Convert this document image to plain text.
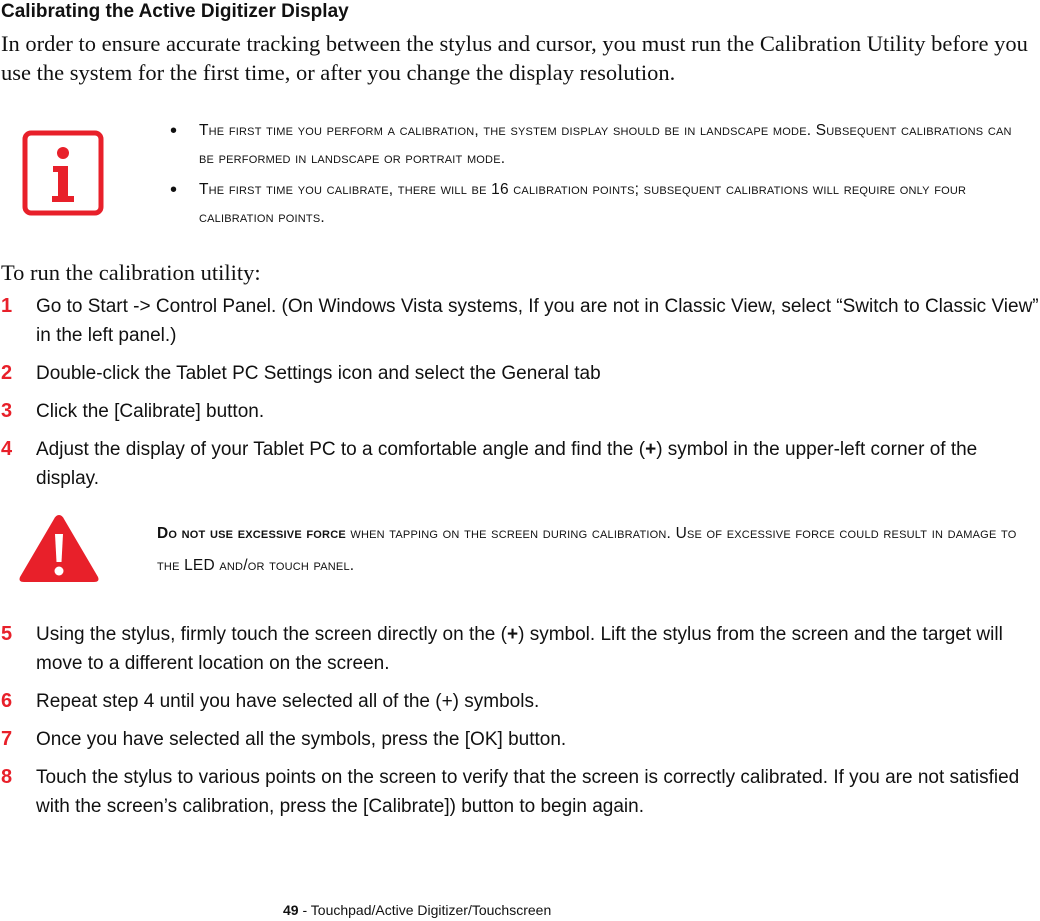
Calibrating the Active Digitizer Display

In order to ensure accurate tracking between the stylus and cursor, you must run the Calibration Utility before you use the system for the first time, or after you change the display resolution.

• The first time you perform a calibration, the system display should be in landscape mode. Subsequent calibrations can be performed in landscape or portrait mode.
• The first time you calibrate, there will be 16 calibration points; subsequent calibrations will require only four calibration points.

To run the calibration utility:

1 Go to Start -> Control Panel. (On Windows Vista systems, If you are not in Classic View, select “Switch to Classic View” in the left panel.)
2 Double-click the Tablet PC Settings icon and select the General tab
3 Click the [Calibrate] button.
4 Adjust the display of your Tablet PC to a comfortable angle and find the (+) symbol in the upper-left corner of the display.

Do not use excessive force when tapping on the screen during calibration. Use of excessive force could result in damage to the LED and/or touch panel.

5 Using the stylus, firmly touch the screen directly on the (+) symbol. Lift the stylus from the screen and the target will move to a different location on the screen.
6 Repeat step 4 until you have selected all of the (+) symbols.
7 Once you have selected all the symbols, press the [OK] button.
8 Touch the stylus to various points on the screen to verify that the screen is correctly calibrated. If you are not satisfied with the screen’s calibration, press the [Calibrate]) button to begin again.

49 - Touchpad/Active Digitizer/Touchscreen
